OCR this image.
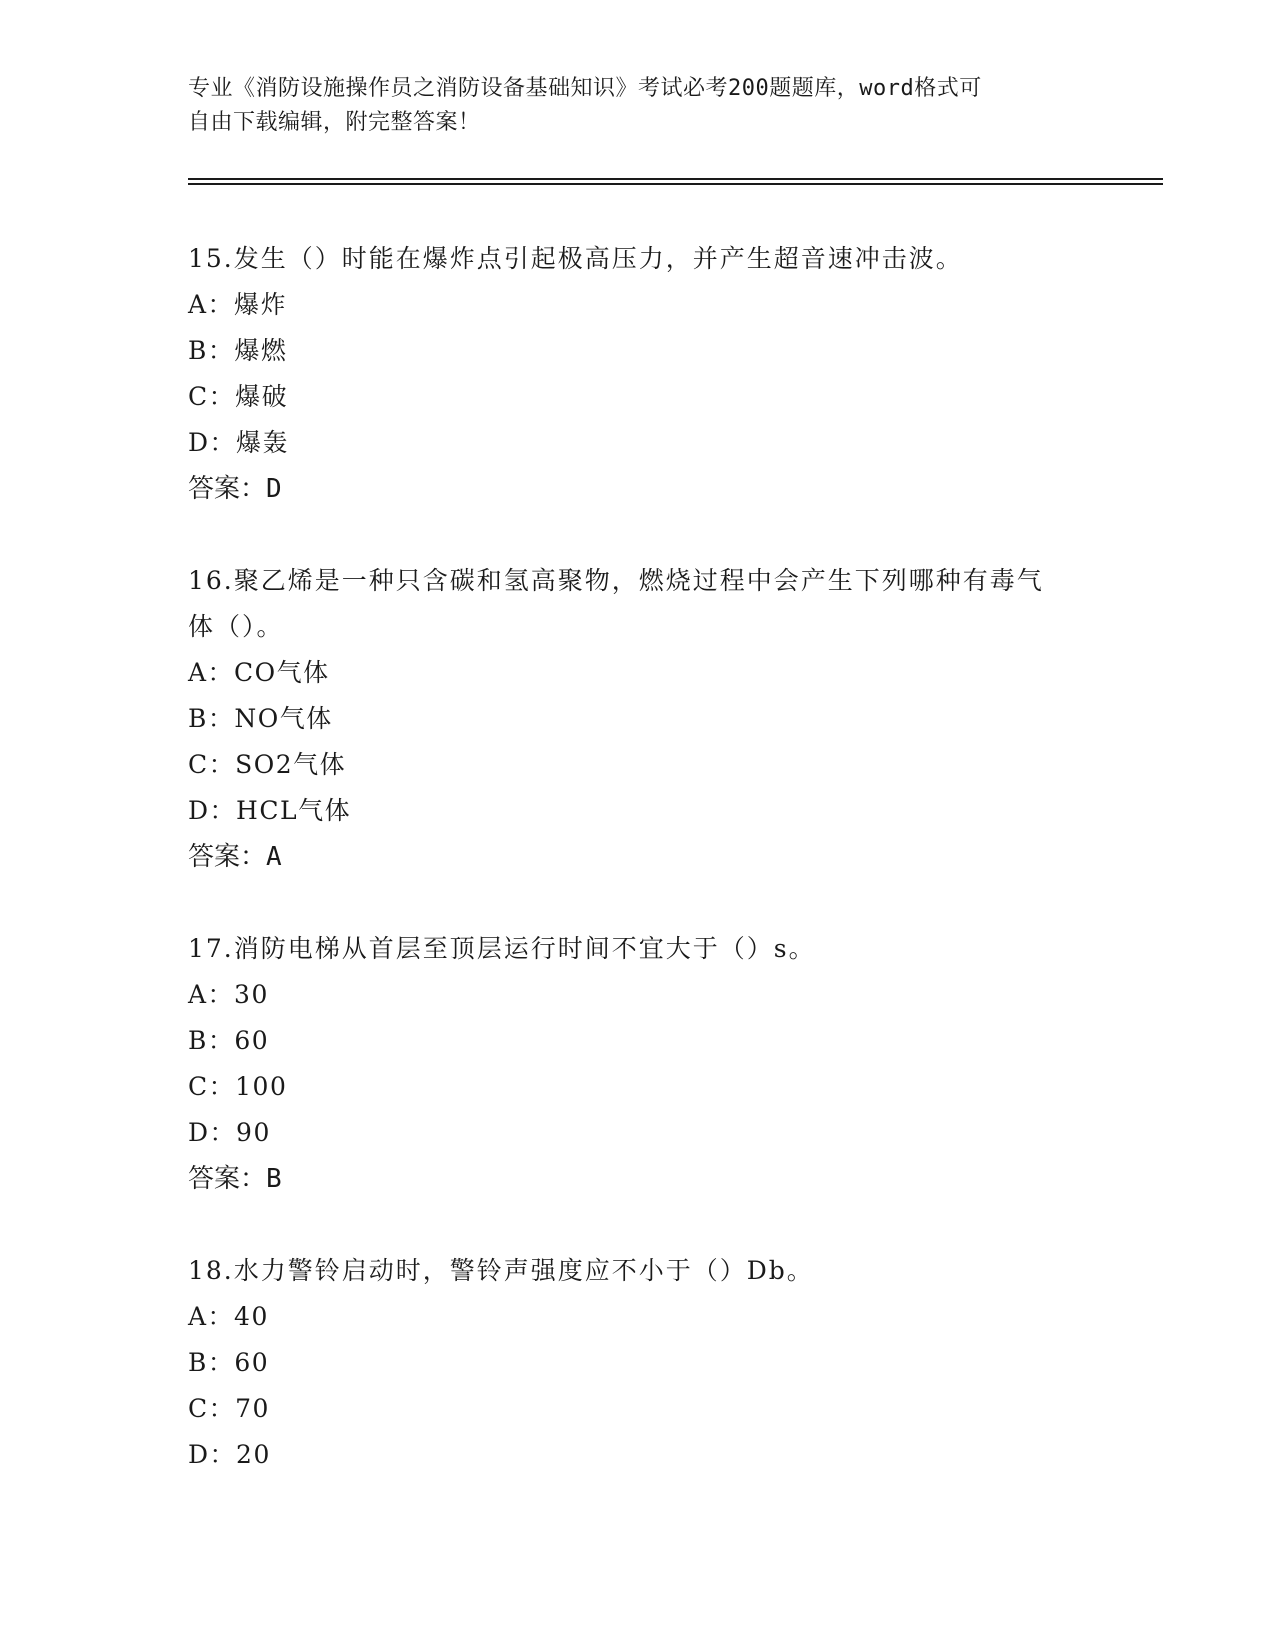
专业《消防设施操作员之消防设备基础知识》考试必考200题题库，word格式可
自由下载编辑，附完整答案！
15.发生（）时能在爆炸点引起极高压力，并产生超音速冲击波。
A：爆炸
B：爆燃
C：爆破
D：爆轰
答案：D
16.聚乙烯是一种只含碳和氢高聚物，燃烧过程中会产生下列哪种有毒气体（）。
A：CO气体
B：NO气体
C：SO2气体
D：HCL气体
答案：A
17.消防电梯从首层至顶层运行时间不宜大于（）s。
A：30
B：60
C：100
D：90
答案：B
18.水力警铃启动时，警铃声强度应不小于（）Db。
A：40
B：60
C：70
D：20
